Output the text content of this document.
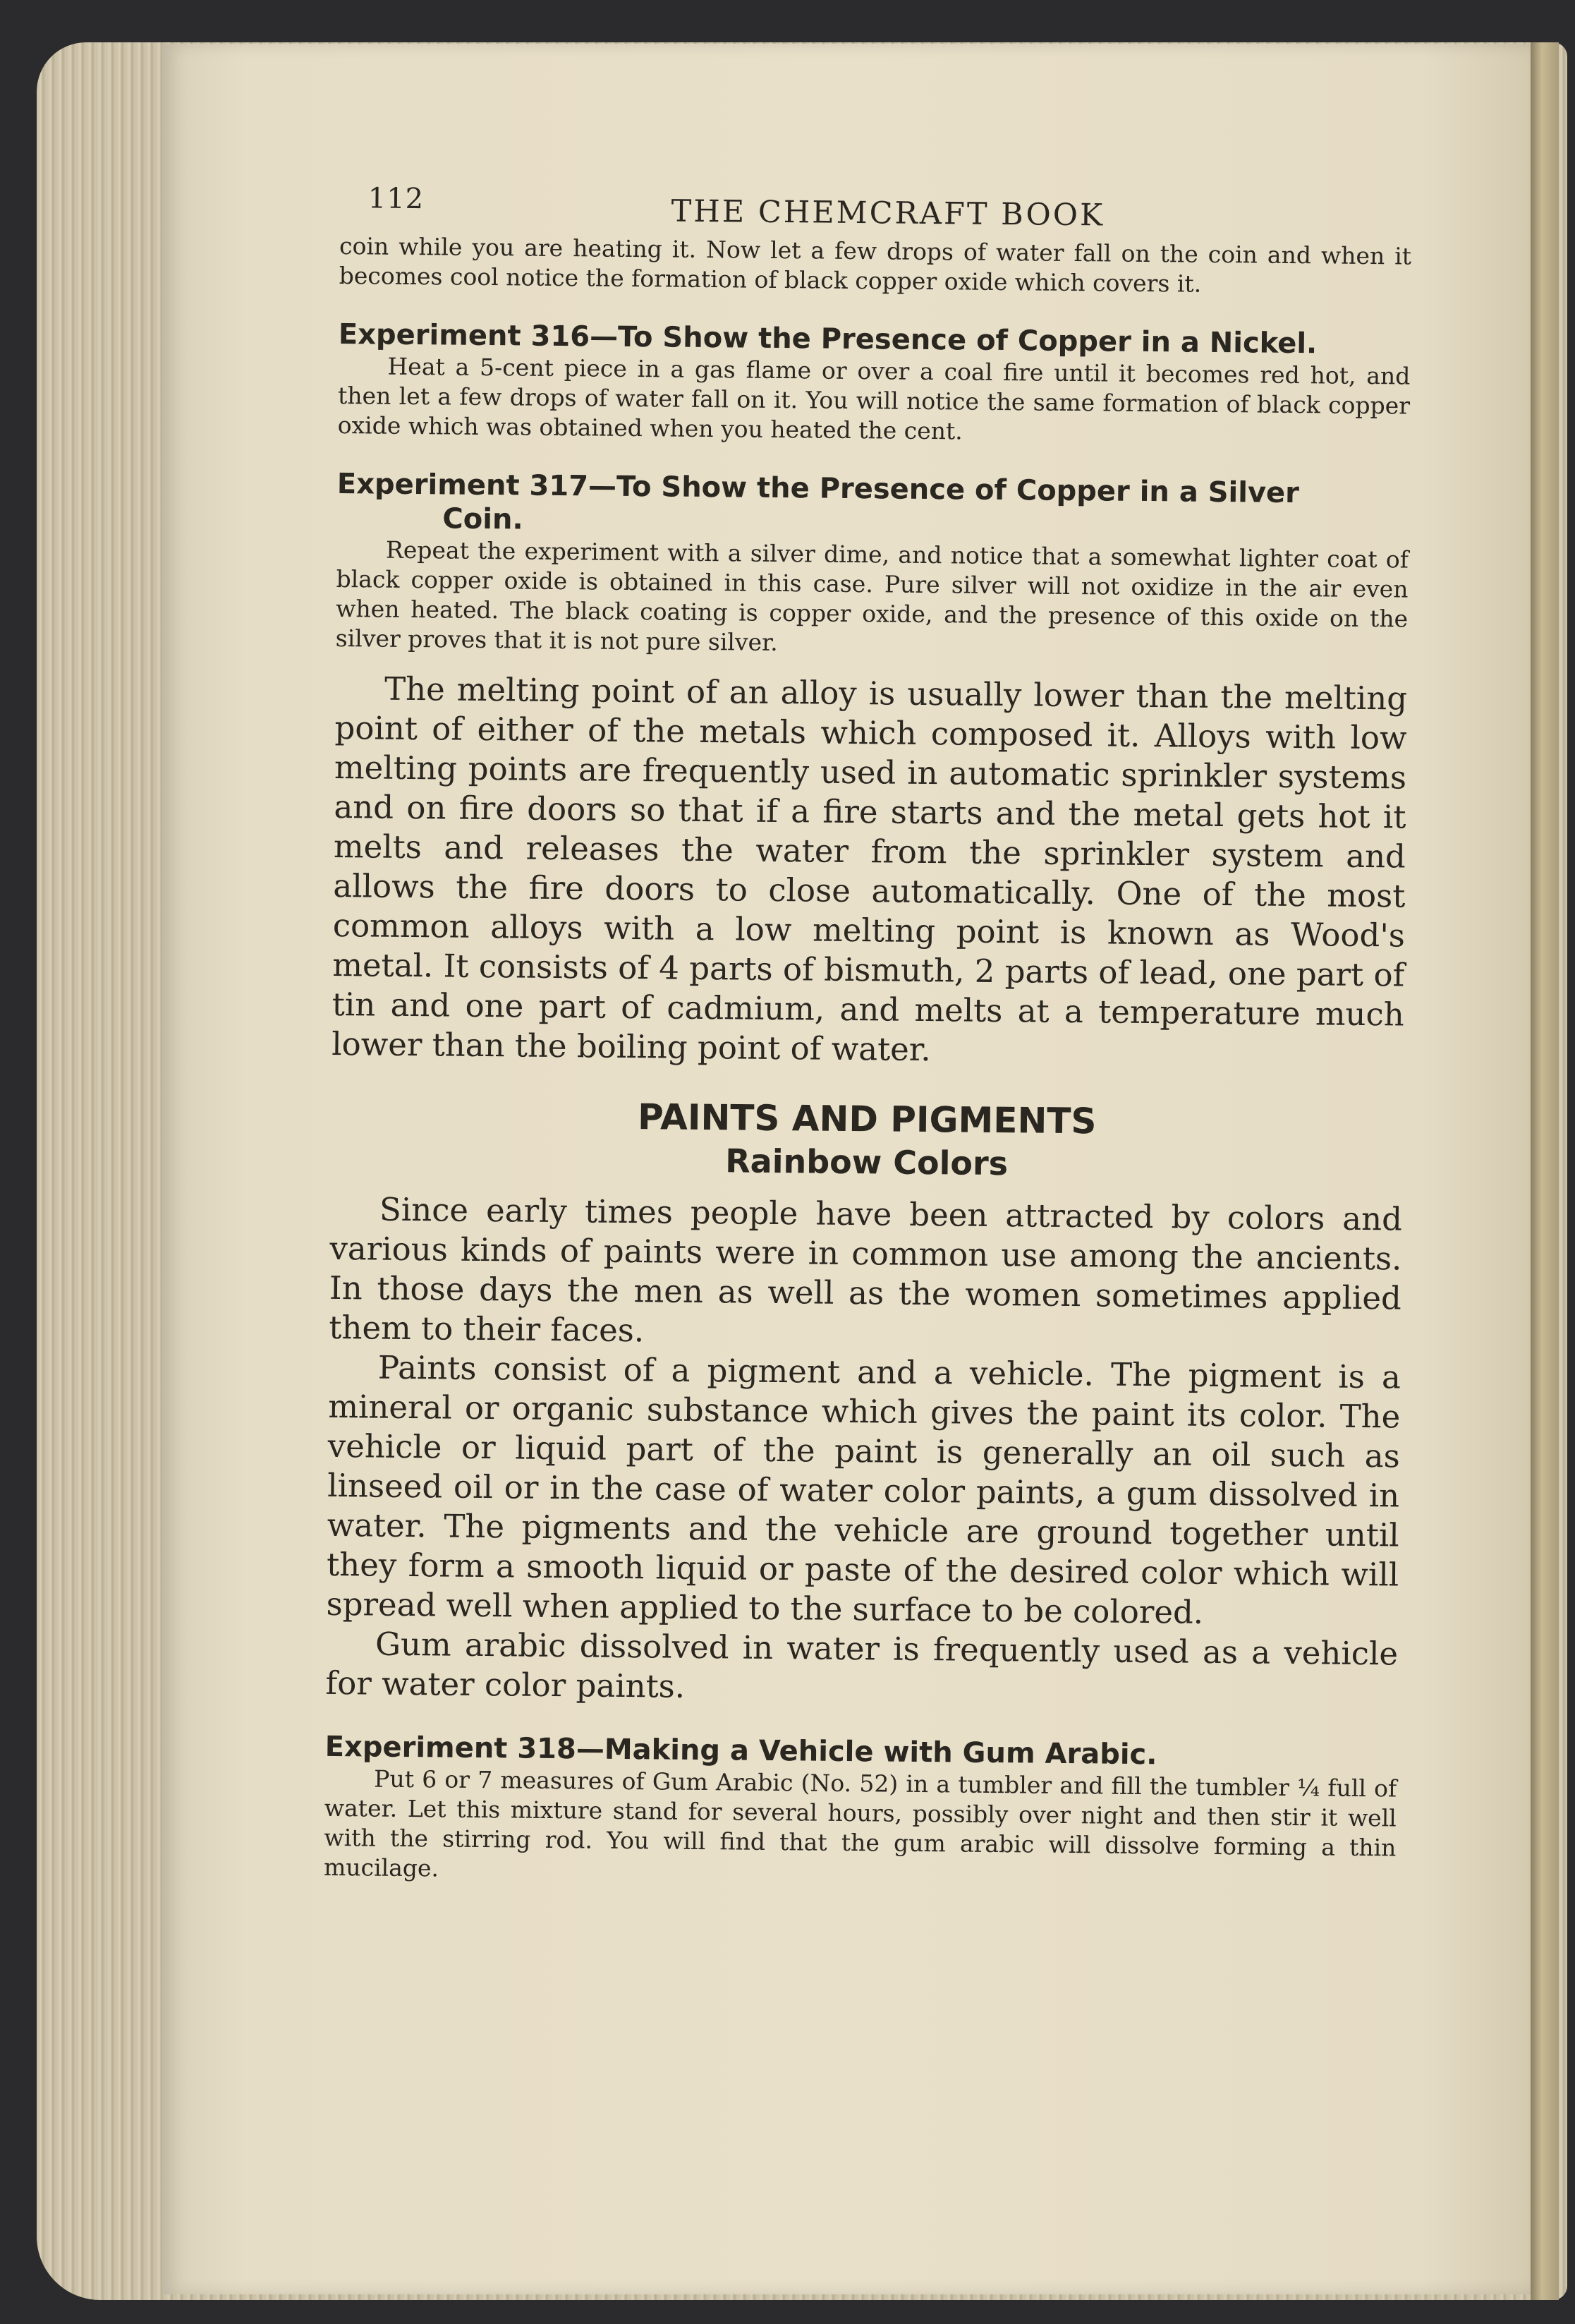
112	THE CHEMCRAFT BOOK

coin while you are heating it. Now let a few drops of water fall on the coin and when it becomes cool notice the formation of black copper oxide which covers it.

Experiment 316—To Show the Presence of Copper in a Nickel.

Heat a 5-cent piece in a gas flame or over a coal fire until it becomes red hot, and then let a few drops of water fall on it. You will notice the same formation of black copper oxide which was obtained when you heated the cent.

Experiment 317—To Show the Presence of Copper in a Silver
Coin.

Repeat the experiment with a silver dime, and notice that a somewhat lighter coat of black copper oxide is obtained in this case. Pure silver will not oxidize in the air even when heated. The black coating is copper oxide, and the presence of this oxide on the silver proves that it is not pure silver.

The melting point of an alloy is usually lower than the melting point of either of the metals which composed it. Alloys with low melting points are frequently used in automatic sprinkler systems and on fire doors so that if a fire starts and the metal gets hot it melts and releases the water from the sprinkler system and allows the fire doors to close automatically. One of the most common alloys with a low melting point is known as Wood's metal. It consists of 4 parts of bismuth, 2 parts of lead, one part of tin and one part of cadmium, and melts at a temperature much lower than the boiling point of water.

PAINTS AND PIGMENTS
Rainbow Colors

Since early times people have been attracted by colors and various kinds of paints were in common use among the ancients. In those days the men as well as the women sometimes applied them to their faces.

Paints consist of a pigment and a vehicle. The pigment is a mineral or organic substance which gives the paint its color. The vehicle or liquid part of the paint is generally an oil such as linseed oil or in the case of water color paints, a gum dissolved in water. The pigments and the vehicle are ground together until they form a smooth liquid or paste of the desired color which will spread well when applied to the surface to be colored.

Gum arabic dissolved in water is frequently used as a vehicle for water color paints.

Experiment 318—Making a Vehicle with Gum Arabic.

Put 6 or 7 measures of Gum Arabic (No. 52) in a tumbler and fill the tumbler ¼ full of water. Let this mixture stand for several hours, possibly over night and then stir it well with the stirring rod. You will find that the gum arabic will dissolve forming a thin mucilage.
